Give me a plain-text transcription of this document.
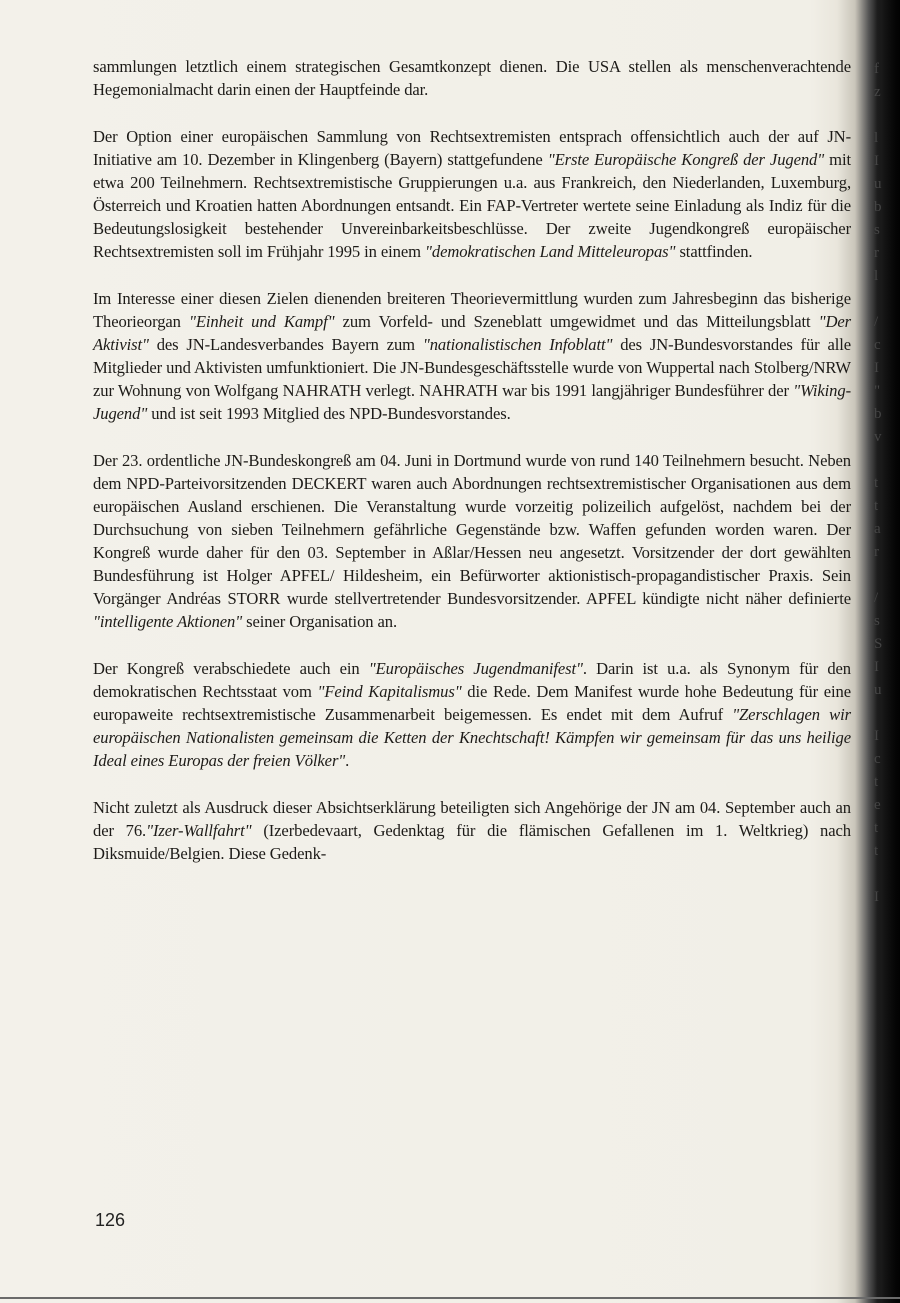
sammlungen letztlich einem strategischen Gesamtkonzept dienen. Die USA stellen als menschenverachtende Hegemonialmacht darin einen der Hauptfeinde dar.

Der Option einer europäischen Sammlung von Rechtsextremisten entsprach offensichtlich auch der auf JN-Initiative am 10. Dezember in Klingenberg (Bayern) stattgefundene "Erste Europäische Kongreß der Jugend" mit etwa 200 Teilnehmern. Rechtsextremistische Gruppierungen u.a. aus Frankreich, den Niederlanden, Luxemburg, Österreich und Kroatien hatten Abordnungen entsandt. Ein FAP-Vertreter wertete seine Einladung als Indiz für die Bedeutungslosigkeit bestehender Unvereinbarkeitsbeschlüsse. Der zweite Jugendkongreß europäischer Rechtsextremisten soll im Frühjahr 1995 in einem "demokratischen Land Mitteleuropas" stattfinden.

Im Interesse einer diesen Zielen dienenden breiteren Theorievermittlung wurden zum Jahresbeginn das bisherige Theorieorgan "Einheit und Kampf" zum Vorfeld- und Szeneblatt umgewidmet und das Mitteilungsblatt "Der Aktivist" des JN-Landesverbandes Bayern zum "nationalistischen Infoblatt" des JN-Bundesvorstandes für alle Mitglieder und Aktivisten umfunktioniert. Die JN-Bundesgeschäftsstelle wurde von Wuppertal nach Stolberg/NRW zur Wohnung von Wolfgang NAHRATH verlegt. NAHRATH war bis 1991 langjähriger Bundesführer der "Wiking-Jugend" und ist seit 1993 Mitglied des NPD-Bundesvorstandes.

Der 23. ordentliche JN-Bundeskongreß am 04. Juni in Dortmund wurde von rund 140 Teilnehmern besucht. Neben dem NPD-Parteivorsitzenden DECKERT waren auch Abordnungen rechtsextremistischer Organisationen aus dem europäischen Ausland erschienen. Die Veranstaltung wurde vorzeitig polizeilich aufgelöst, nachdem bei der Durchsuchung von sieben Teilnehmern gefährliche Gegenstände bzw. Waffen gefunden worden waren. Der Kongreß wurde daher für den 03. September in Aßlar/Hessen neu angesetzt. Vorsitzender der dort gewählten Bundesführung ist Holger APFEL/ Hildesheim, ein Befürworter aktionistisch-propagandistischer Praxis. Sein Vorgänger Andréas STORR wurde stellvertretender Bundesvorsitzender. APFEL kündigte nicht näher definierte "intelligente Aktionen" seiner Organisation an.

Der Kongreß verabschiedete auch ein "Europäisches Jugendmanifest". Darin ist u.a. als Synonym für den demokratischen Rechtsstaat vom "Feind Kapitalismus" die Rede. Dem Manifest wurde hohe Bedeutung für eine europaweite rechtsextremistische Zusammenarbeit beigemessen. Es endet mit dem Aufruf "Zerschlagen wir europäischen Nationalisten gemeinsam die Ketten der Knechtschaft! Kämpfen wir gemeinsam für das uns heilige Ideal eines Europas der freien Völker".

Nicht zuletzt als Ausdruck dieser Absichtserklärung beteiligten sich Angehörige der JN am 04. September auch an der 76."Izer-Wallfahrt" (Izerbedevaart, Gedenktag für die flämischen Gefallenen im 1. Weltkrieg) nach Diksmuide/Belgien. Diese Gedenk-

f
z
l
I
u
b
s
r
l
/
c
I
"
b
v
t
t
a
r
/
s
S
I
u
I
c
t
e
t
t
I
126
